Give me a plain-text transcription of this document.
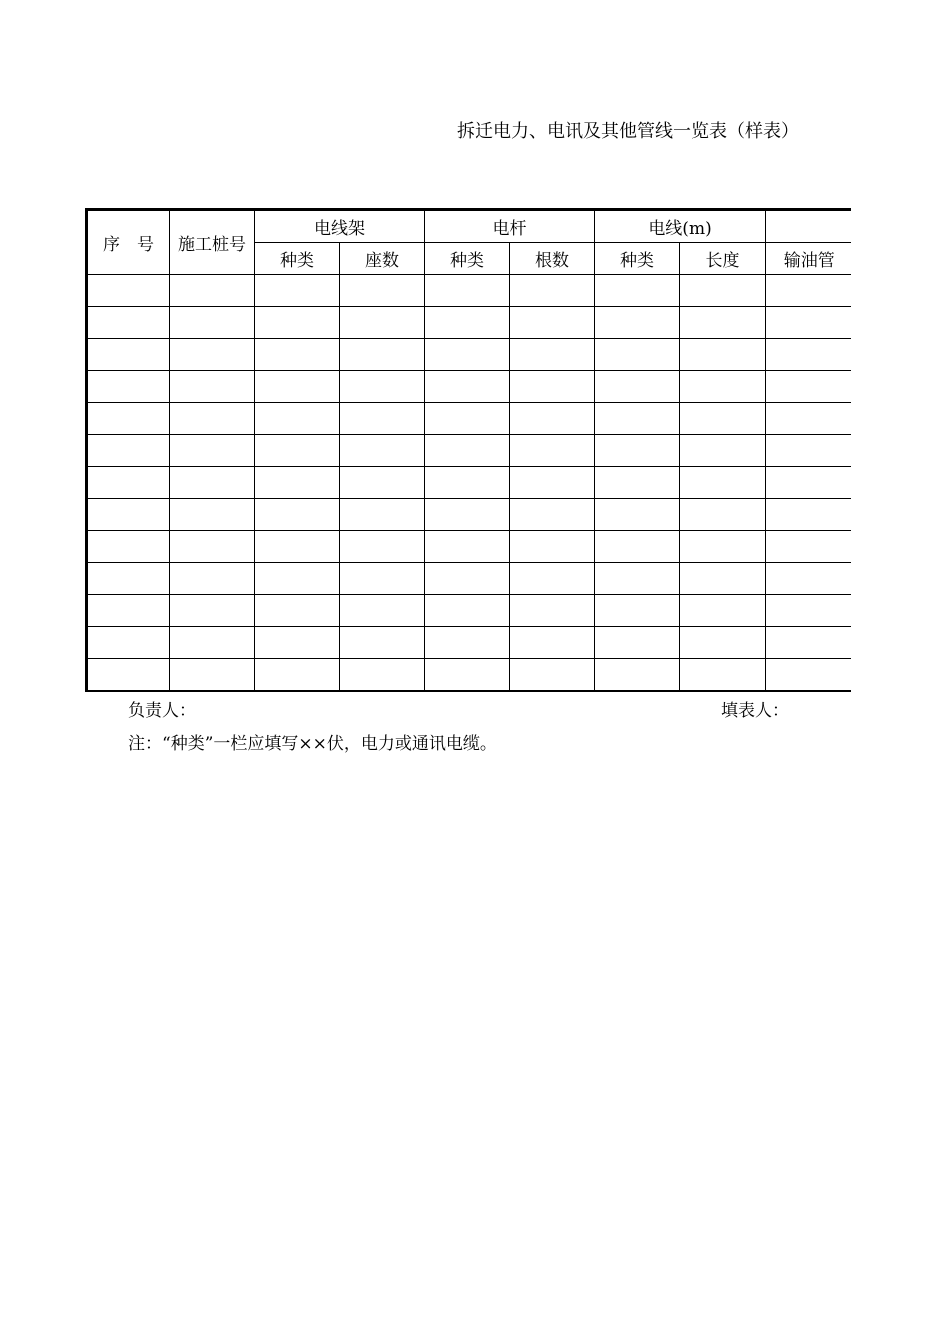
拆迁电力、电讯及其他管线一览表（样表）
序　号	施工桩号	电线架		电杆		电线(m)		
		种类	座数	种类	根数	种类	长度	输油管

负责人：	填表人：
注：“种类”一栏应填写××伏，电力或通讯电缆。
